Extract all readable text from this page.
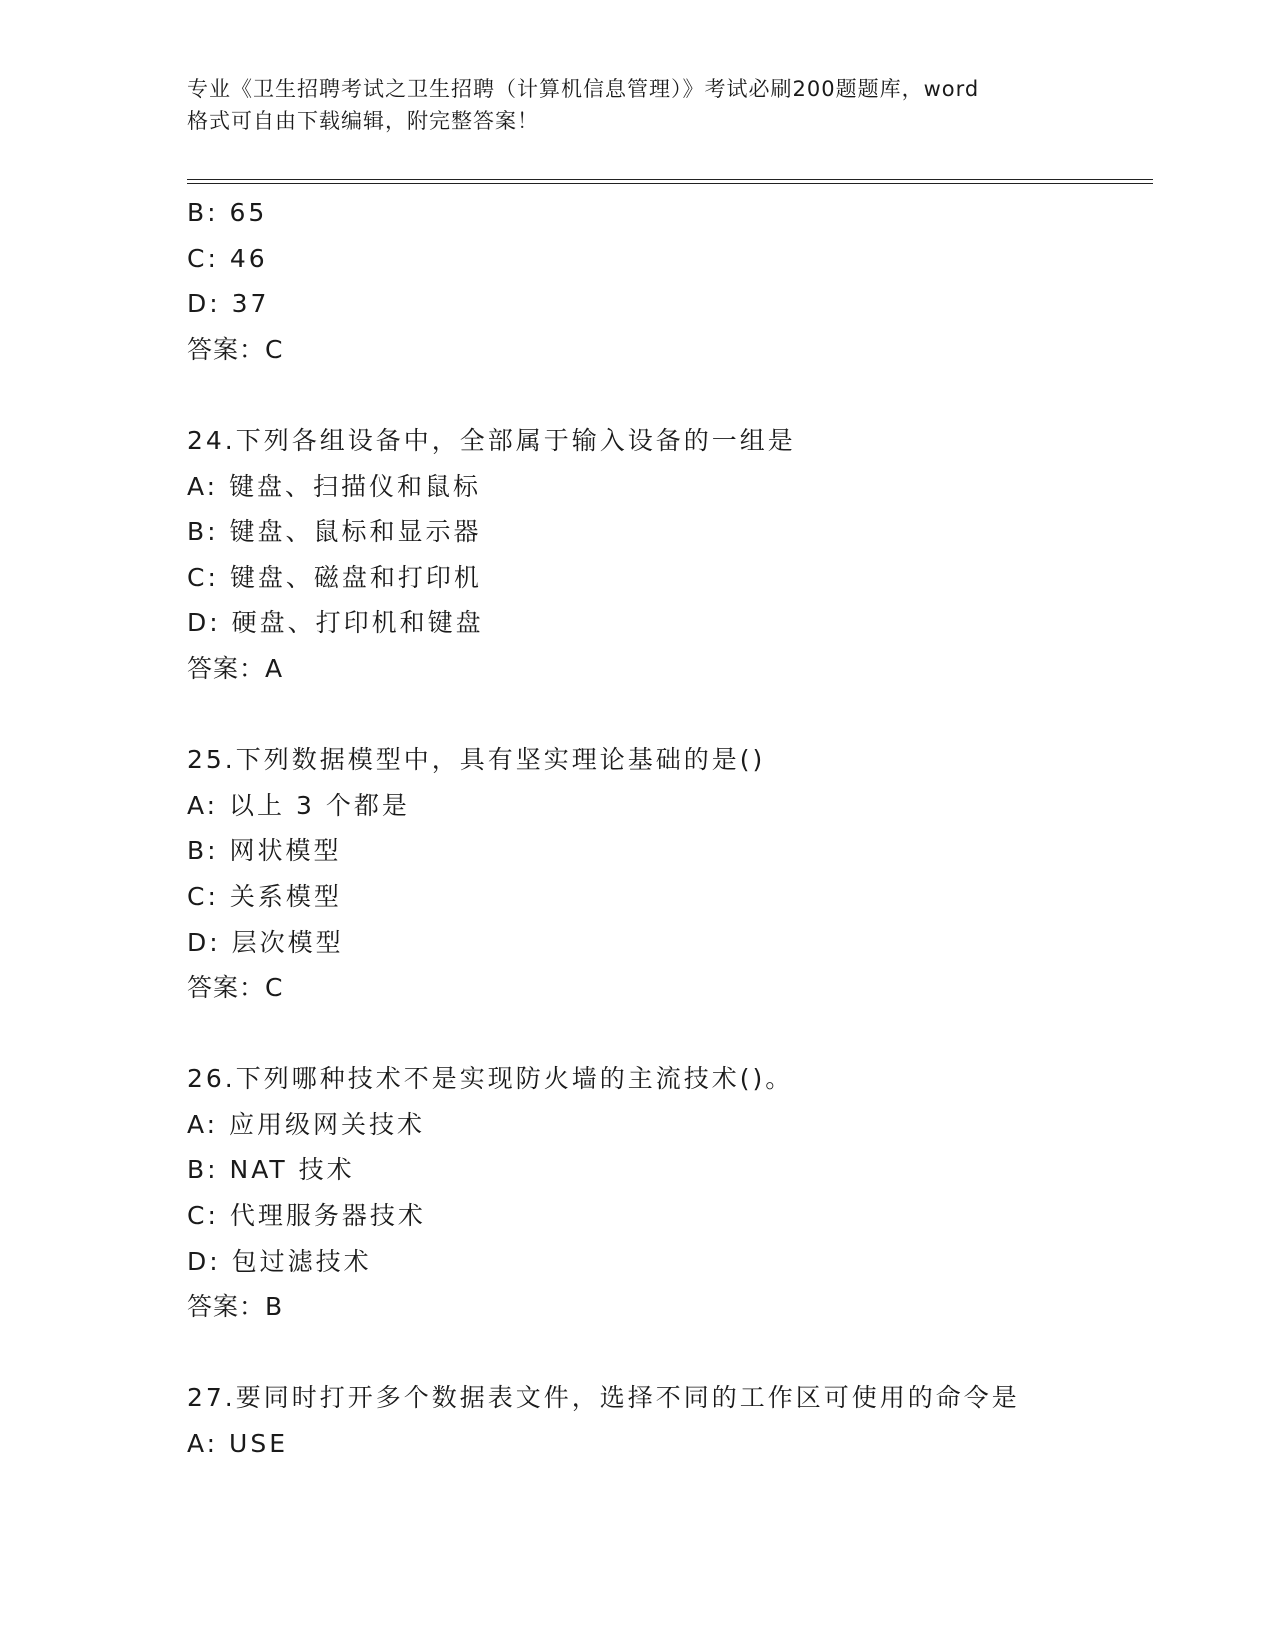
专业《卫生招聘考试之卫生招聘（计算机信息管理）》考试必刷200题题库，word
格式可自由下载编辑，附完整答案！
B: 65
C: 46
D: 37
答案：C
24.下列各组设备中，全部属于输入设备的一组是
A: 键盘、扫描仪和鼠标
B: 键盘、鼠标和显示器
C: 键盘、磁盘和打印机
D: 硬盘、打印机和键盘
答案：A
25.下列数据模型中，具有坚实理论基础的是()
A: 以上 3 个都是
B: 网状模型
C: 关系模型
D: 层次模型
答案：C
26.下列哪种技术不是实现防火墙的主流技术()。
A: 应用级网关技术
B: NAT 技术
C: 代理服务器技术
D: 包过滤技术
答案：B
27.要同时打开多个数据表文件，选择不同的工作区可使用的命令是
A: USE
